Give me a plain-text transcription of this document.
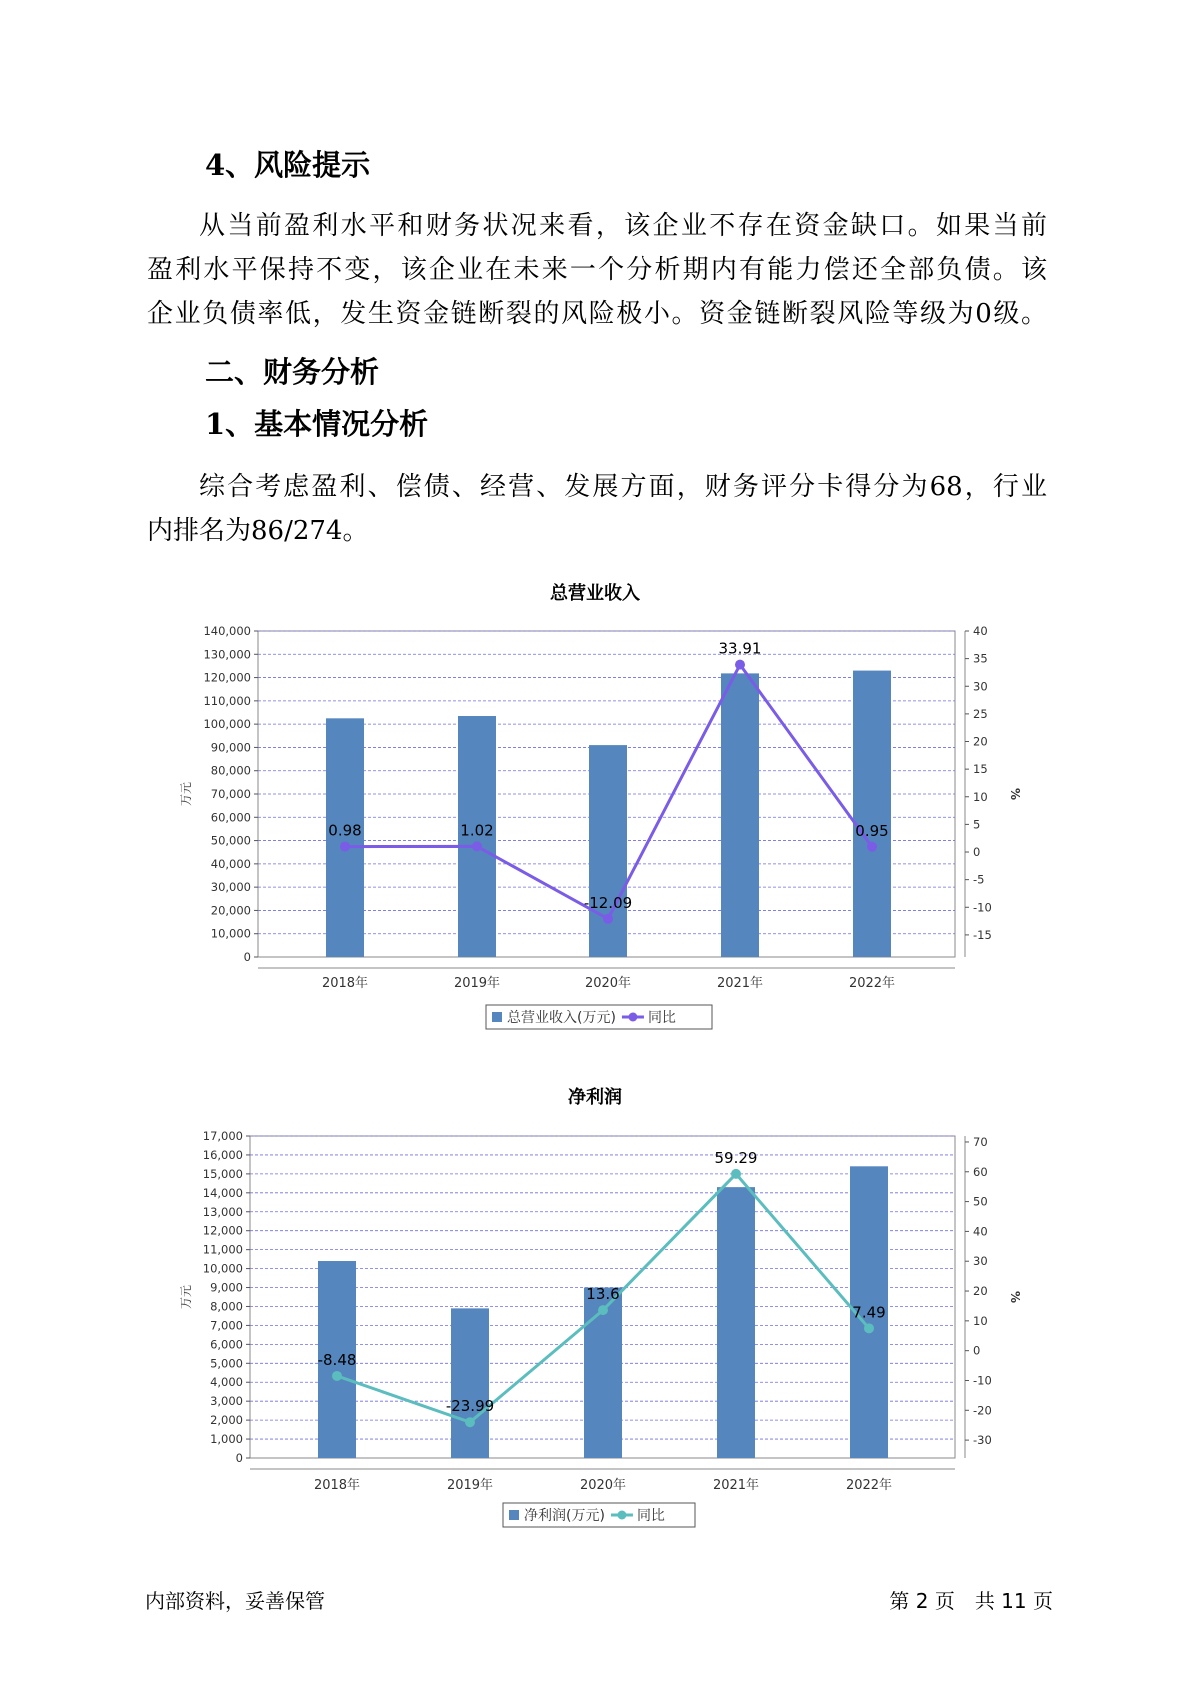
4、风险提示
从当前盈利水平和财务状况来看，该企业不存在资金缺口。如果当前
盈利水平保持不变，该企业在未来一个分析期内有能力偿还全部负债。该
企业负债率低，发生资金链断裂的风险极小。资金链断裂风险等级为0级。
二、财务分析
1、基本情况分析
综合考虑盈利、偿债、经营、发展方面，财务评分卡得分为68，行业
内排名为86/274。
总营业收入
0
10,000
20,000
30,000
40,000
50,000
60,000
70,000
80,000
90,000
100,000
110,000
120,000
130,000
140,000
-15
-10
-5
0
5
10
15
20
25
30
35
40
万元	%
2018年	2019年	2020年	2021年	2022年
0.98	1.02
-12.09
33.91
0.95
总营业收入(万元) 同比
净利润
0
1,000
2,000
3,000
4,000
5,000
6,000
7,000
8,000
9,000
10,000
11,000
12,000
13,000
14,000
15,000
16,000
17,000
-30
-20
-10
0
10
20
30
40
50
60
70
万元	%
2018年	2019年	2020年	2021年	2022年
-8.48
-23.99
13.6
59.29
7.49
净利润(万元) 同比

内部资料，妥善保管	第 2 页　共 11 页
